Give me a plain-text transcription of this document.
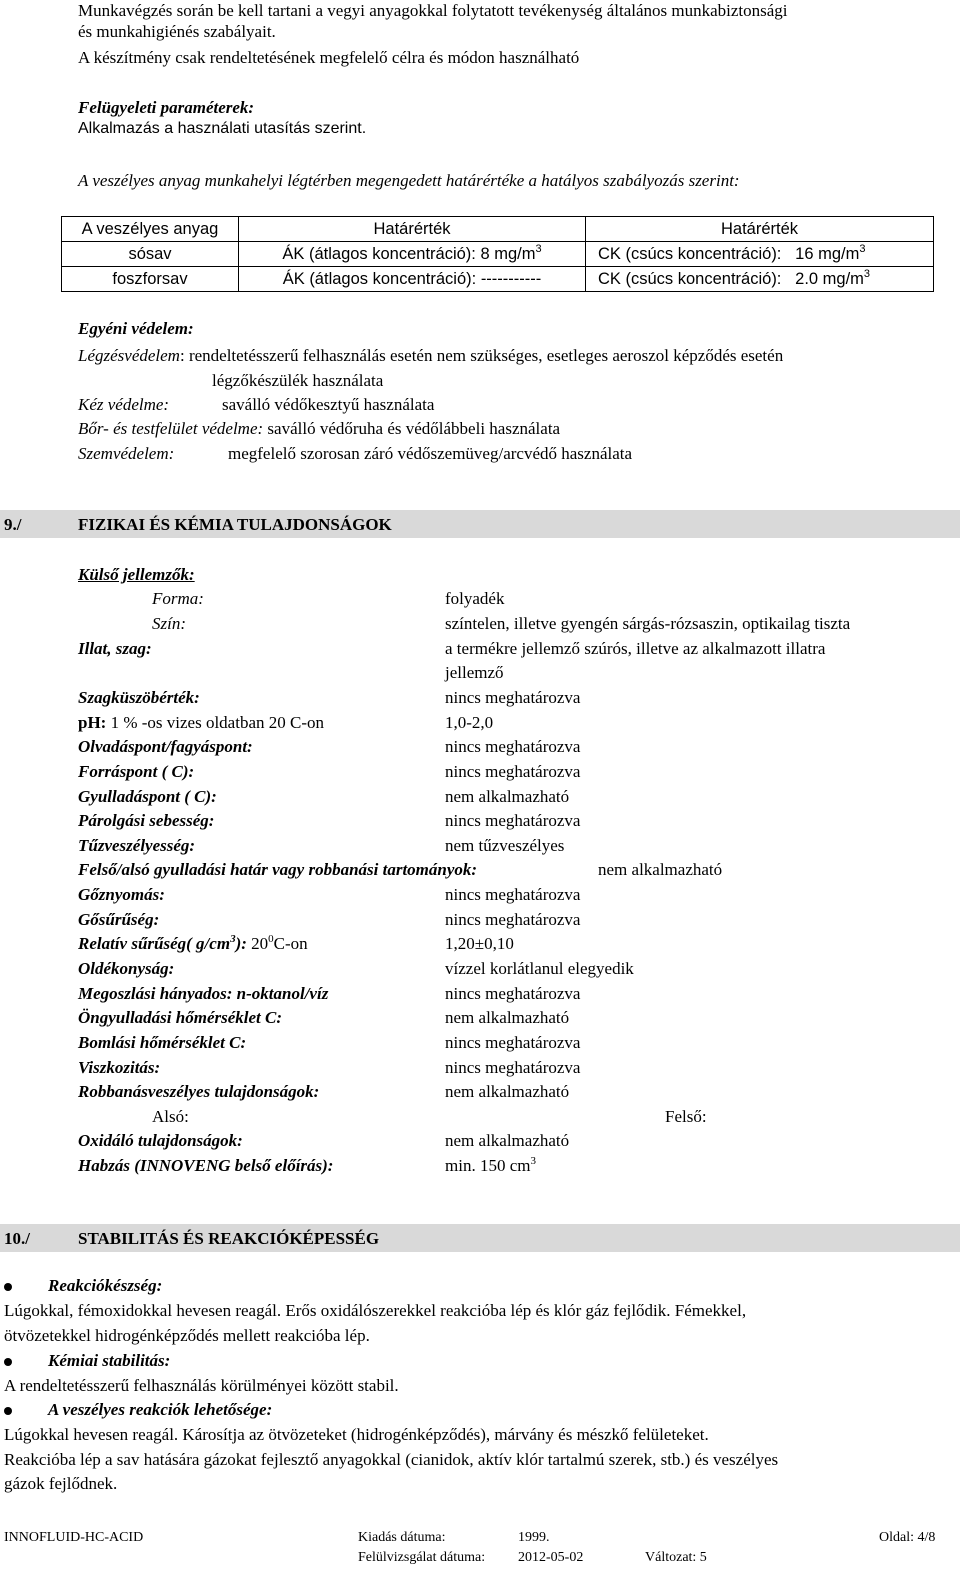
Munkavégzés során be kell tartani a vegyi anyagokkal folytatott tevékenység általános munkabiztonsági
és munkahigiénés szabályait.
A készítmény csak rendeltetésének megfelelő célra és módon használható
Felügyeleti paraméterek:
Alkalmazás a használati utasítás szerint.
A veszélyes anyag munkahelyi légtérben megengedett határértéke a hatályos szabályozás szerint:
A veszélyes anyag	Határérték	Határérték
sósav	ÁK (átlagos koncentráció): 8 $mg/m^3$	CK (csúcs koncentráció):   16 $mg/m^3$
foszforsav	ÁK (átlagos koncentráció): -----------	CK (csúcs koncentráció):   2.0 $mg/m^3$
Egyéni védelem:
Légzésvédelem: rendeltetésszerű felhasználás esetén nem szükséges, esetleges aeroszol képződés esetén
légzőkészülék használata
Kéz védelme:	saválló védőkesztyű használata
Bőr- és testfelület védelme: saválló védőruha és védőlábbeli használata
Szemvédelem:	megfelelő szorosan záró védőszemüveg/arcvédő használata
9./	FIZIKAI ÉS KÉMIA TULAJDONSÁGOK
Külső jellemzők:
Forma:	folyadék
Szín:	színtelen, illetve gyengén sárgás-rózsaszin, optikailag tiszta
Illat, szag:	a termékre jellemző szúrós, illetve az alkalmazott illatra
jellemző
Szagküszöbérték:	nincs meghatározva
pH: 1 % -os vizes oldatban 20 C-on	1,0-2,0
Olvadáspont/fagyáspont:	nincs meghatározva
Forráspont ( C):	nincs meghatározva
Gyulladáspont ( C):	nem alkalmazható
Párolgási sebesség:	nincs meghatározva
Tűzveszélyesség:	nem tűzveszélyes
Felső/alsó gyulladási határ vagy robbanási tartományok:	nem alkalmazható
Gőznyomás:	nincs meghatározva
Gősűrűség:	nincs meghatározva
Relatív sűrűség( $g/cm^3$): $20^0C-on$	1,20±0,10
Oldékonyság:	vízzel korlátlanul elegyedik
Megoszlási hányados: n-oktanol/víz	nincs meghatározva
Öngyulladási hőmérséklet C:	nem alkalmazható
Bomlási hőmérséklet C:	nincs meghatározva
Viszkozitás:	nincs meghatározva
Robbanásveszélyes tulajdonságok:	nem alkalmazható
Alsó:	Felső:
Oxidáló tulajdonságok:	nem alkalmazható
Habzás (INNOVENG belső előírás):	min. 150 $cm^3$
10./	STABILITÁS ÉS REAKCIÓKÉPESSÉG
Reakciókészség:
Lúgokkal, fémoxidokkal hevesen reagál. Erős oxidálószerekkel reakcióba lép és klór gáz fejlődik. Fémekkel,
ötvözetekkel hidrogénképződés mellett reakcióba lép.
Kémiai stabilitás:
A rendeltetésszerű felhasználás körülményei között stabil.
A veszélyes reakciók lehetősége:
Lúgokkal hevesen reagál. Károsítja az ötvözeteket (hidrogénképződés), márvány és mészkő felületeket.
Reakcióba lép a sav hatására gázokat fejlesztő anyagokkal (cianidok, aktív klór tartalmú szerek, stb.) és veszélyes
gázok fejlődnek.
INNOFLUID-HC-ACID	Kiadás dátuma:	1999.	Oldal: 4/8
Felülvizsgálat dátuma: 2012-05-02	Változat: 5
